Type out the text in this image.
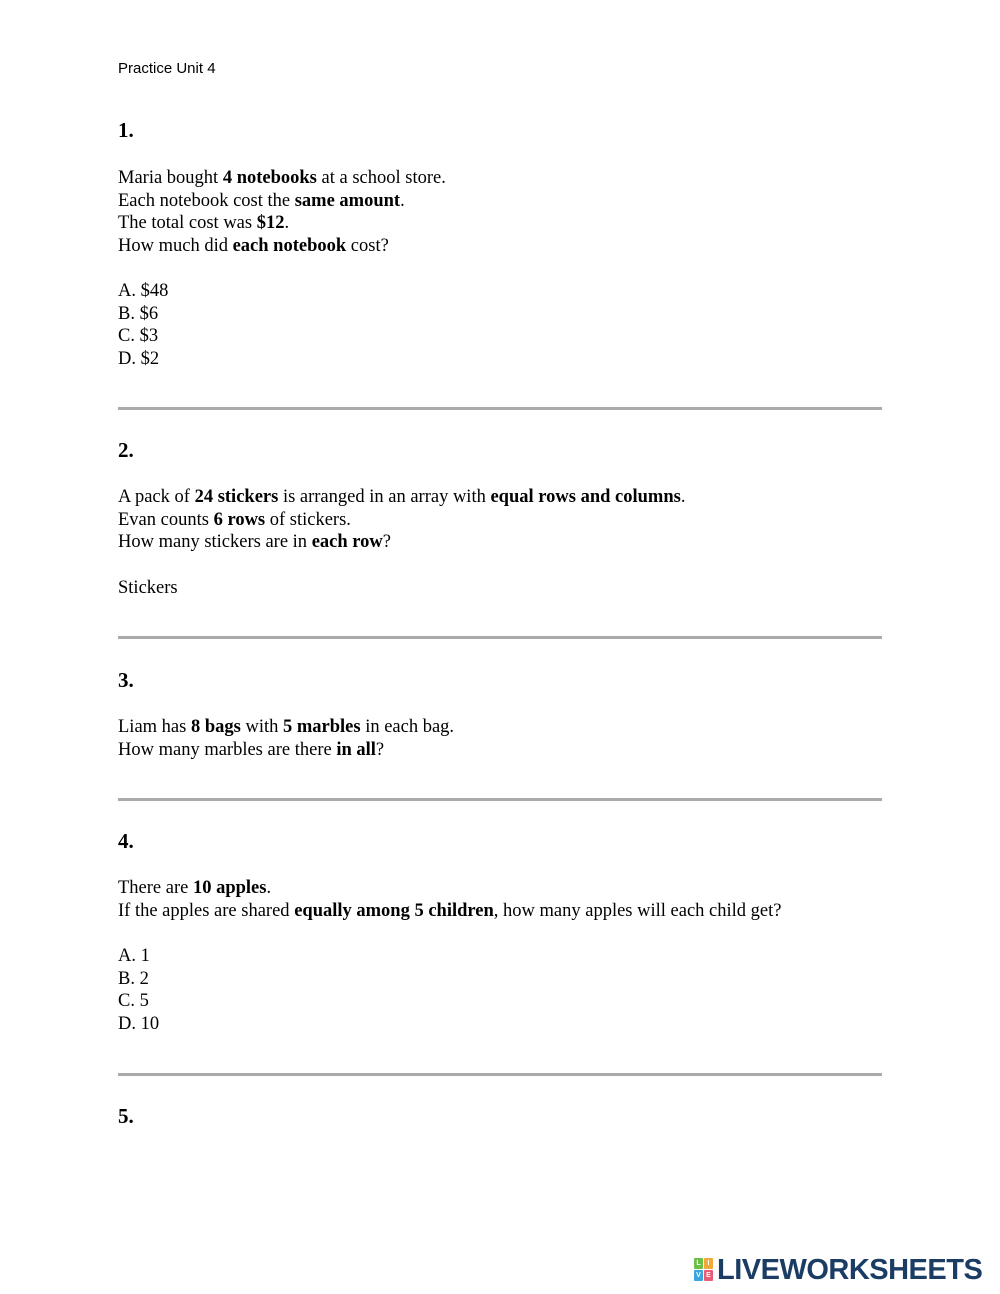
Practice Unit 4
1.
Maria bought 4 notebooks at a school store.
Each notebook cost the same amount.
The total cost was $12.
How much did each notebook cost?
A. $48
B. $6
C. $3
D. $2
2.
A pack of 24 stickers is arranged in an array with equal rows and columns.
Evan counts 6 rows of stickers.
How many stickers are in each row?
Stickers
3.
Liam has 8 bags with 5 marbles in each bag.
How many marbles are there in all?
4.
There are 10 apples.
If the apples are shared equally among 5 children, how many apples will each child get?
A. 1
B. 2
C. 5
D. 10
5.
L I
V E LIVEWORKSHEETS
